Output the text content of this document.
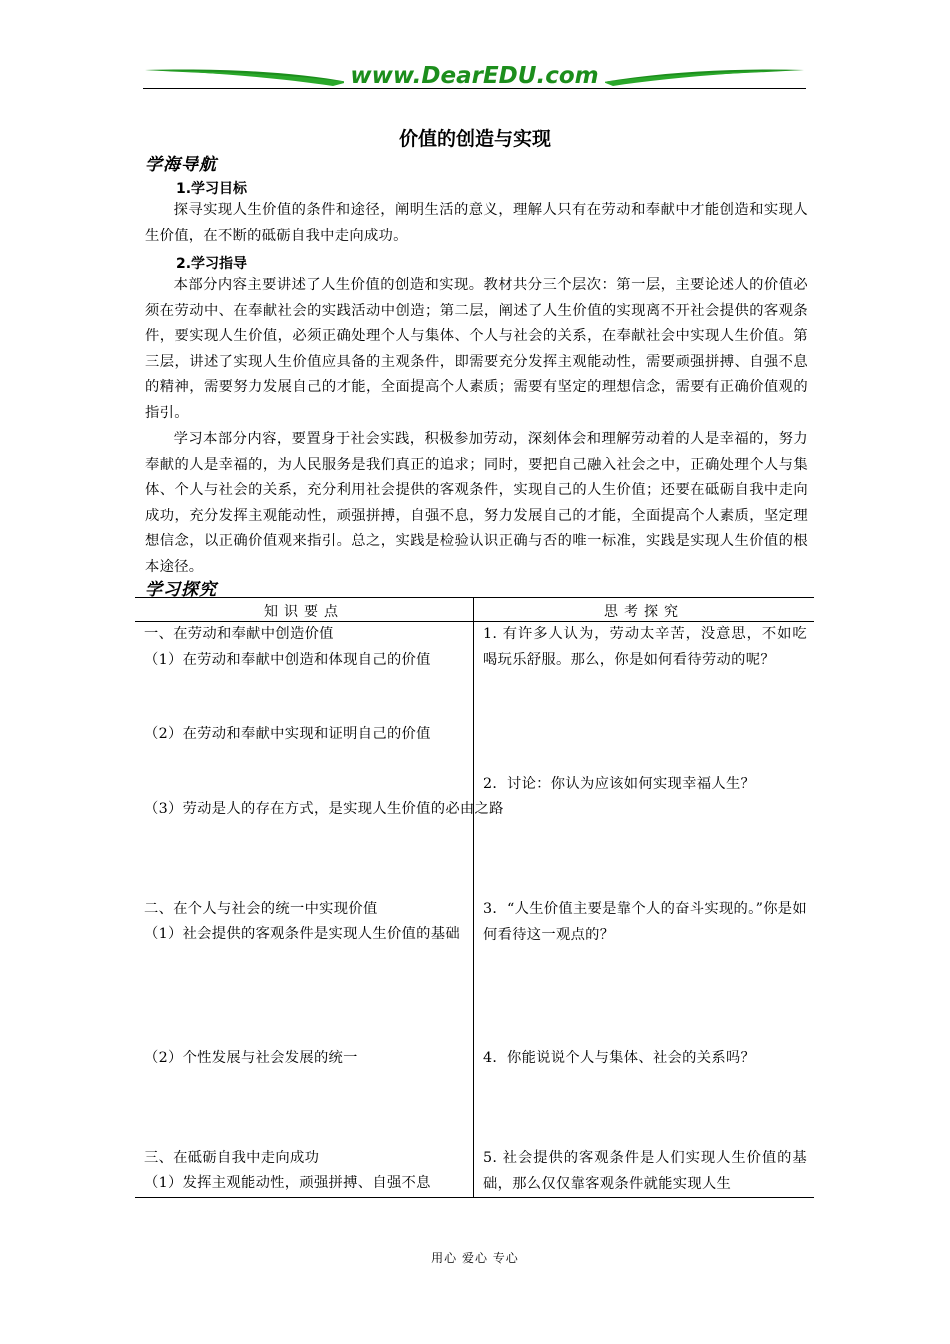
www.DearEDU.com
价值的创造与实现
学海导航
1.学习目标
探寻实现人生价值的条件和途径，阐明生活的意义，理解人只有在劳动和奉献中才能创造和实现人生价值，在不断的砥砺自我中走向成功。
2.学习指导
本部分内容主要讲述了人生价值的创造和实现。教材共分三个层次：第一层，主要论述人的价值必须在劳动中、在奉献社会的实践活动中创造；第二层，阐述了人生价值的实现离不开社会提供的客观条件，要实现人生价值，必须正确处理个人与集体、个人与社会的关系，在奉献社会中实现人生价值。第三层，讲述了实现人生价值应具备的主观条件，即需要充分发挥主观能动性，需要顽强拼搏、自强不息的精神，需要努力发展自己的才能，全面提高个人素质；需要有坚定的理想信念，需要有正确价值观的指引。
学习本部分内容，要置身于社会实践，积极参加劳动，深刻体会和理解劳动着的人是幸福的，努力奉献的人是幸福的，为人民服务是我们真正的追求；同时，要把自己融入社会之中，正确处理个人与集体、个人与社会的关系，充分利用社会提供的客观条件，实现自己的人生价值；还要在砥砺自我中走向成功，充分发挥主观能动性，顽强拼搏，自强不息，努力发展自己的才能，全面提高个人素质，坚定理想信念，以正确价值观来指引。总之，实践是检验认识正确与否的唯一标准，实践是实现人生价值的根本途径。
学习探究
知识要点	思考探究
一、在劳动和奉献中创造价值
（1）在劳动和奉献中创造和体现自己的价值
（2）在劳动和奉献中实现和证明自己的价值
（3）劳动是人的存在方式，是实现人生价值的必由之路
二、在个人与社会的统一中实现价值
（1）社会提供的客观条件是实现人生价值的基础
（2）个性发展与社会发展的统一
三、在砥砺自我中走向成功
（1）发挥主观能动性，顽强拼搏、自强不息
1. 有许多人认为，劳动太辛苦，没意思，不如吃喝玩乐舒服。那么，你是如何看待劳动的呢？
2．讨论：你认为应该如何实现幸福人生？
3．“人生价值主要是靠个人的奋斗实现的。”你是如何看待这一观点的？
4．你能说说个人与集体、社会的关系吗？
5. 社会提供的客观条件是人们实现人生价值的基础，那么仅仅靠客观条件就能实现人生
用心 爱心 专心
